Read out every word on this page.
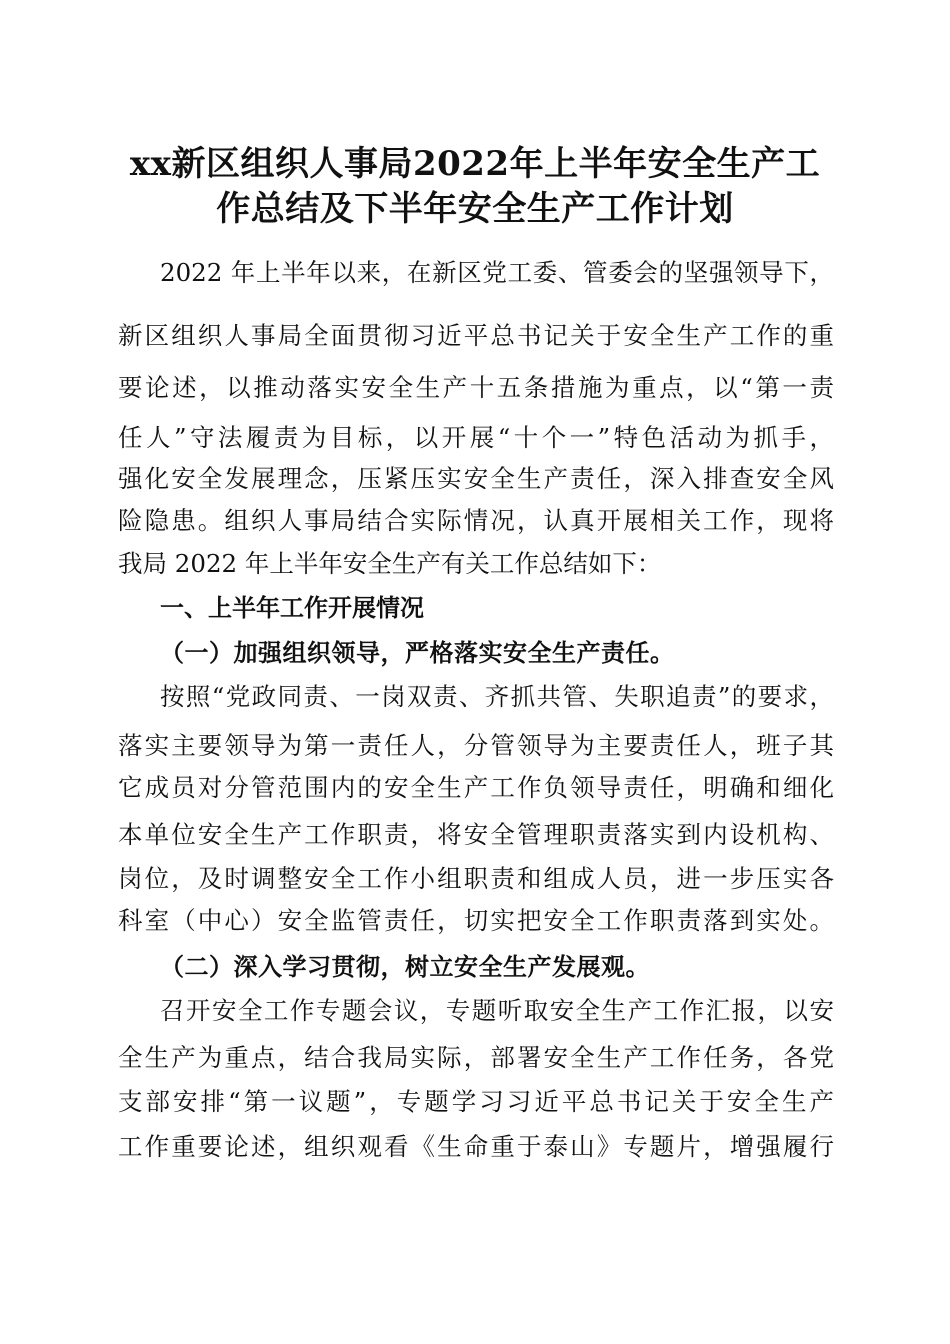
xx新区组织人事局2022年上半年安全生产工
作总结及下半年安全生产工作计划

2022 年上半年以来，在新区党工委、管委会的坚强领导下，

新区组织人事局全面贯彻习近平总书记关于安全生产工作的重

要论述，以推动落实安全生产十五条措施为重点，以“第一责

任人”守法履责为目标，以开展“十个一”特色活动为抓手，

强化安全发展理念，压紧压实安全生产责任，深入排查安全风

险隐患。组织人事局结合实际情况，认真开展相关工作，现将

我局 2022 年上半年安全生产有关工作总结如下：

一、上半年工作开展情况
（一）加强组织领导，严格落实安全生产责任。

按照“党政同责、一岗双责、齐抓共管、失职追责”的要求，

落实主要领导为第一责任人，分管领导为主要责任人，班子其

它成员对分管范围内的安全生产工作负领导责任，明确和细化

本单位安全生产工作职责，将安全管理职责落实到内设机构、

岗位，及时调整安全工作小组职责和组成人员，进一步压实各

科室（中心）安全监管责任，切实把安全工作职责落到实处。

（二）深入学习贯彻，树立安全生产发展观。

召开安全工作专题会议，专题听取安全生产工作汇报，以安

全生产为重点，结合我局实际，部署安全生产工作任务，各党

支部安排“第一议题”，专题学习习近平总书记关于安全生产

工作重要论述，组织观看《生命重于泰山》专题片，增强履行
